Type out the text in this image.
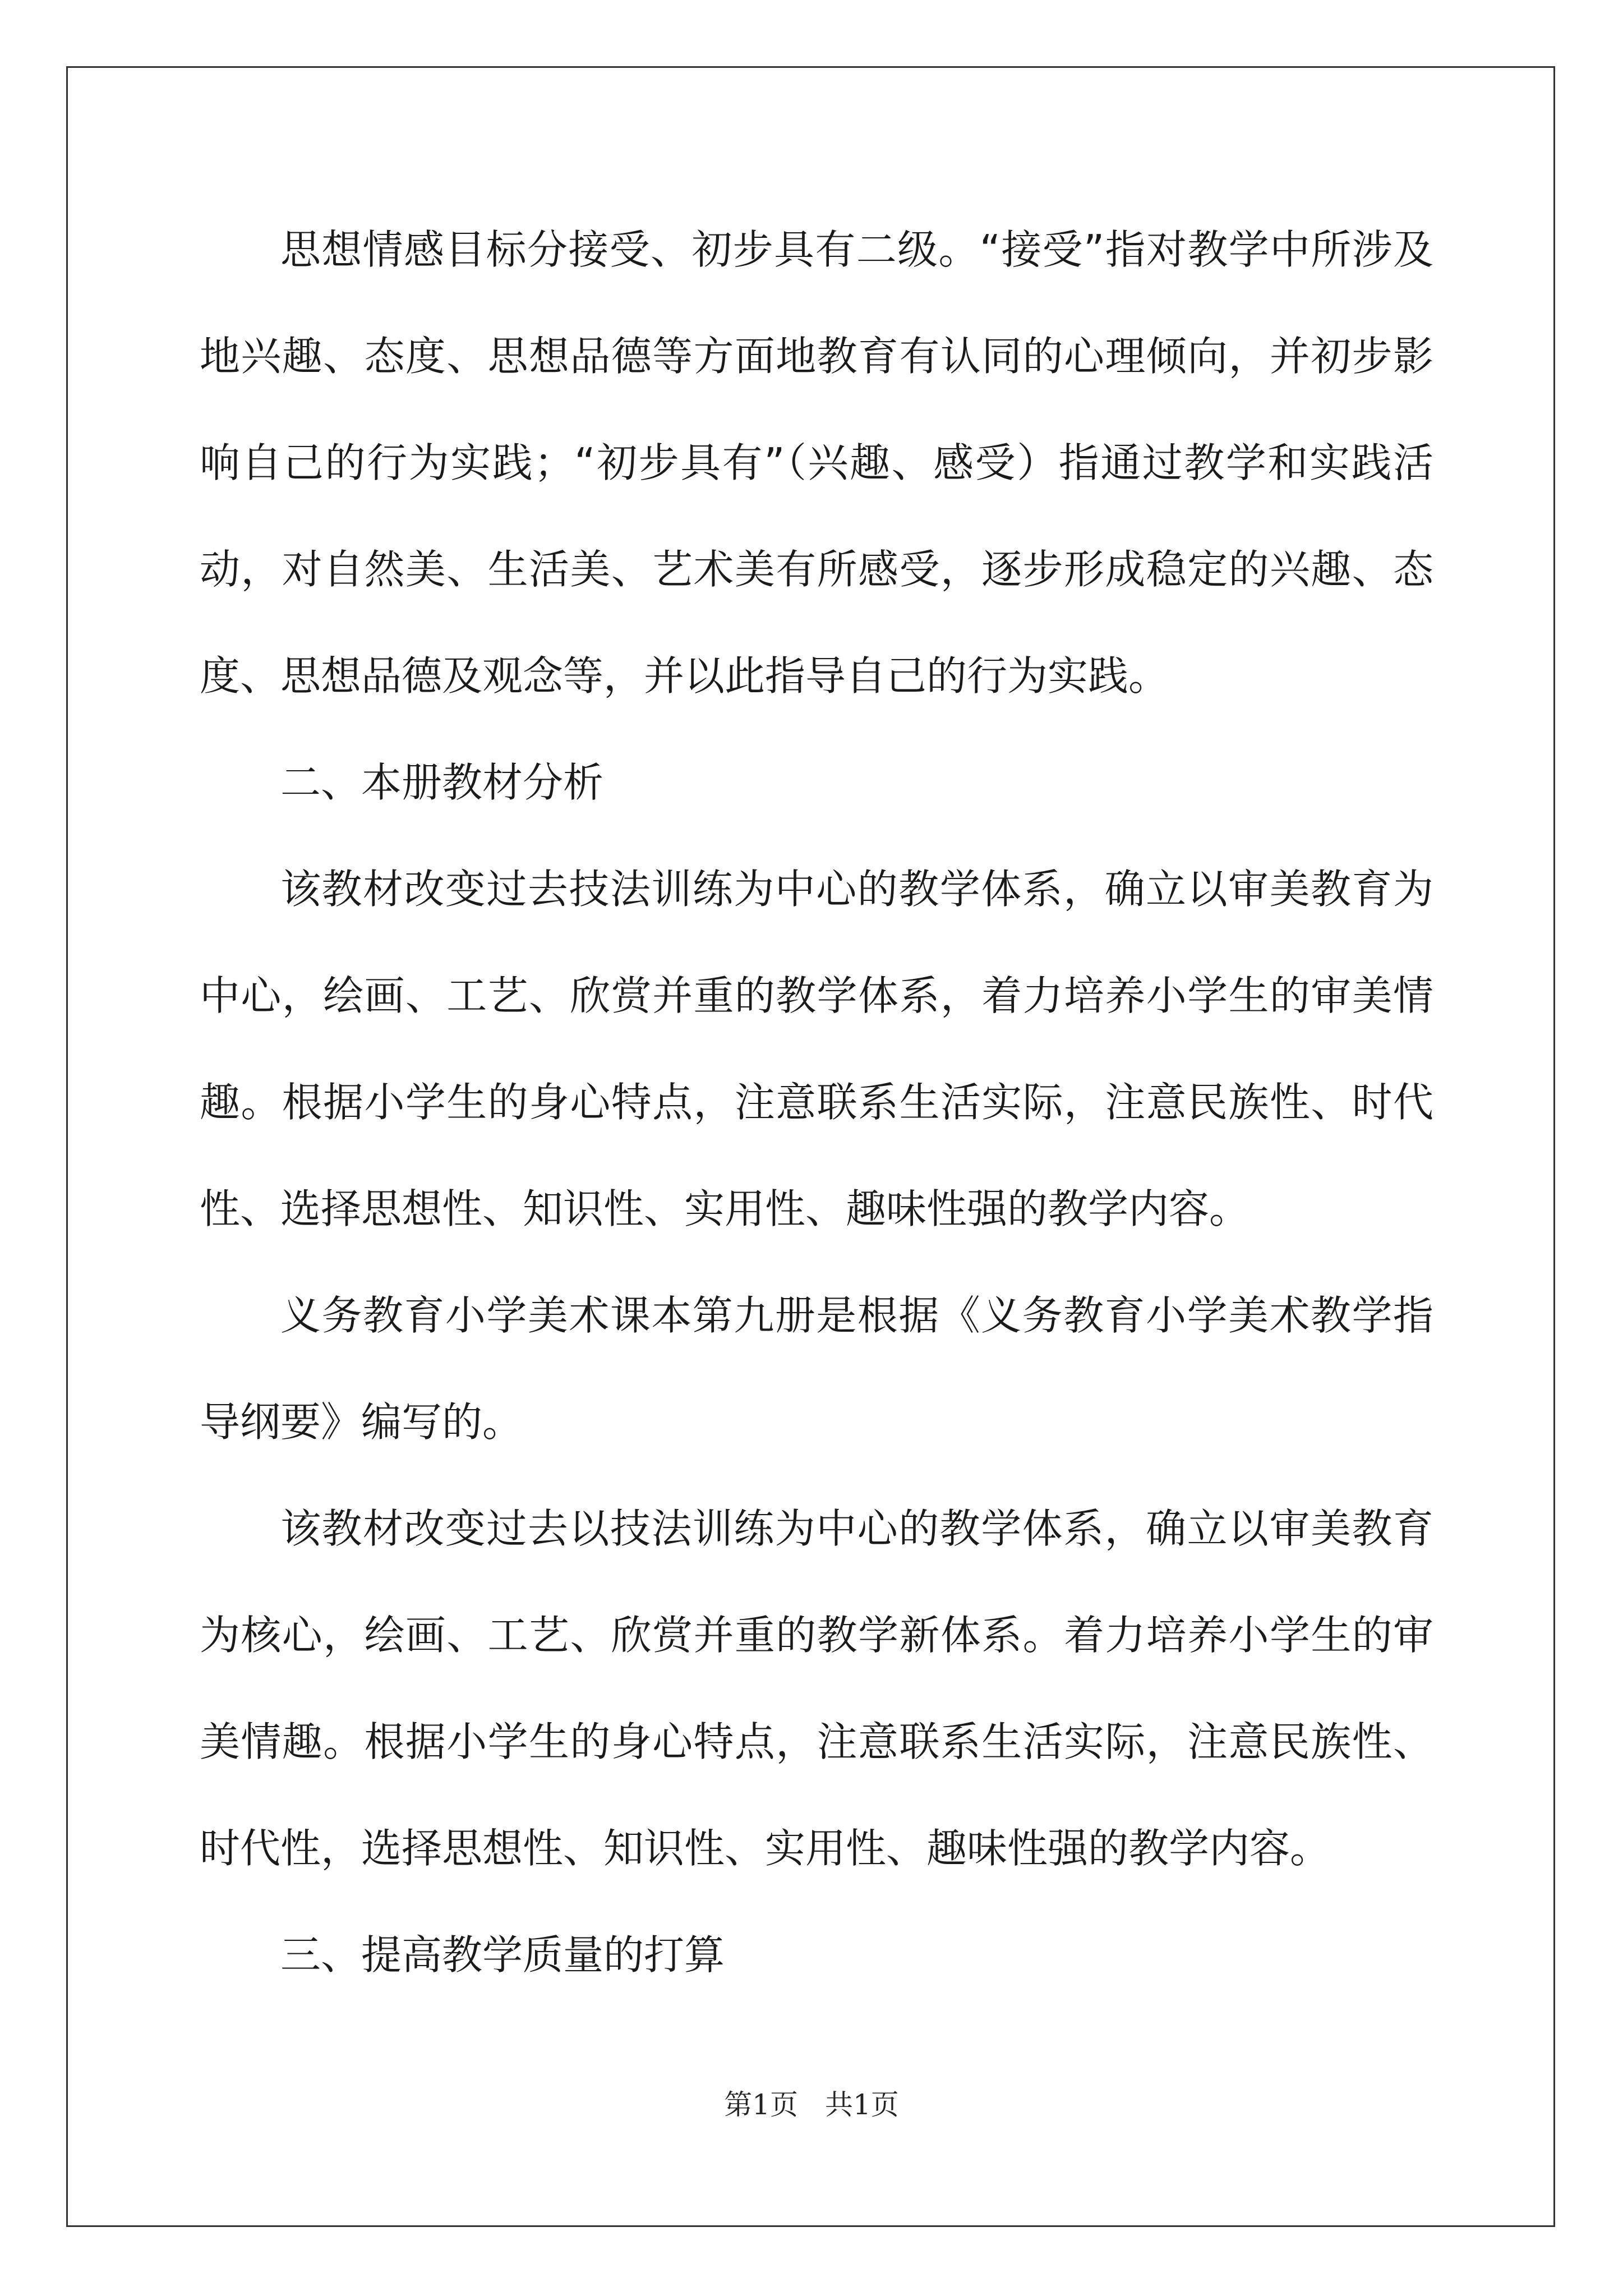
思想情感目标分接受、初步具有二级。“接受”指对教学中所涉及地兴趣、态度、思想品德等方面地教育有认同的心理倾向，并初步影响自己的行为实践；“初步具有”（兴趣、感受）指通过教学和实践活动，对自然美、生活美、艺术美有所感受，逐步形成稳定的兴趣、态度、思想品德及观念等，并以此指导自己的行为实践。

二、本册教材分析

该教材改变过去技法训练为中心的教学体系，确立以审美教育为中心，绘画、工艺、欣赏并重的教学体系，着力培养小学生的审美情趣。根据小学生的身心特点，注意联系生活实际，注意民族性、时代性、选择思想性、知识性、实用性、趣味性强的教学内容。

义务教育小学美术课本第九册是根据《义务教育小学美术教学指导纲要》编写的。

该教材改变过去以技法训练为中心的教学体系，确立以审美教育为核心，绘画、工艺、欣赏并重的教学新体系。着力培养小学生的审美情趣。根据小学生的身心特点，注意联系生活实际，注意民族性、时代性，选择思想性、知识性、实用性、趣味性强的教学内容。

三、提高教学质量的打算

第1页 共1页
